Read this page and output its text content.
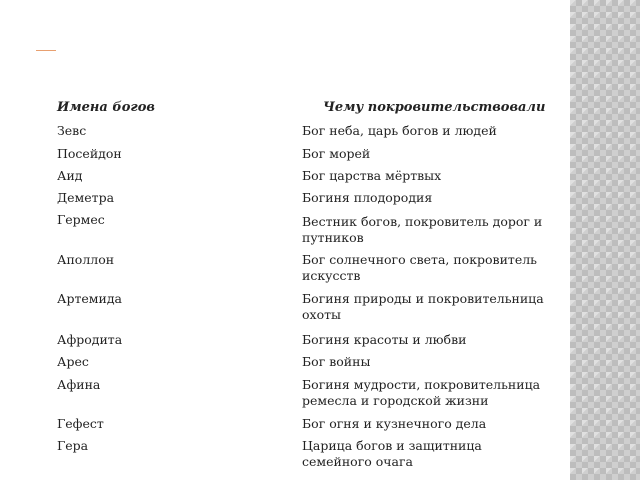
Имена богов	Чему покровительствовали
Зевс	Бог неба, царь богов и людей
Посейдон	Бог морей
Аид	Бог царства мёртвых
Деметра	Богиня плодородия
Гермес	Вестник богов, покровитель дорог и путников
Аполлон	Бог солнечного света, покровитель искусств
Артемида	Богиня природы и покровительница охоты
Афродита	Богиня красоты и любви
Арес	Бог войны
Афина	Богиня мудрости, покровительница ремесла и городской жизни
Гефест	Бог огня и кузнечного дела
Гера	Царица богов и защитница семейного очага
